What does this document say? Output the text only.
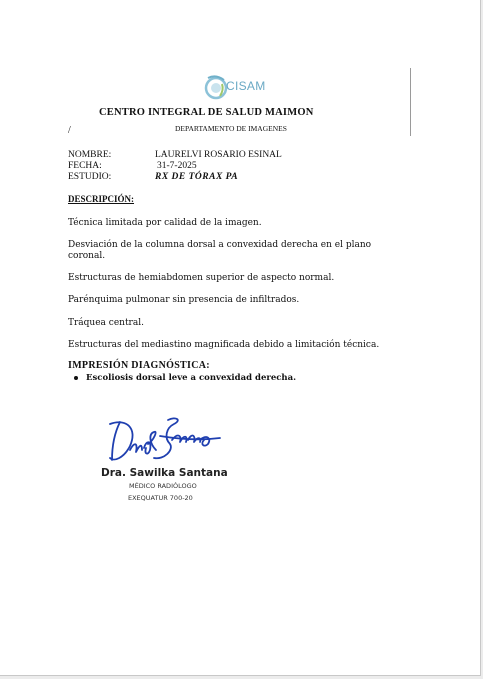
CISAM
CENTRO INTEGRAL DE SALUD MAIMON
/	DEPARTAMENTO DE IMAGENES
NOMBRE:	LAURELVI ROSARIO ESINAL
FECHA:	31-7-2025
ESTUDIO:	RX DE TÓRAX PA
DESCRIPCIÓN:
Técnica limitada por calidad de la imagen.
Desviación de la columna dorsal a convexidad derecha en el plano coronal.
Estructuras de hemiabdomen superior de aspecto normal.
Parénquima pulmonar sin presencia de infiltrados.
Tráquea central.
Estructuras del mediastino magnificada debido a limitación técnica.
IMPRESIÓN DIAGNÓSTICA:
Escoliosis dorsal leve a convexidad derecha.
Dra. Sawilka Santana
MÉDICO RADIÓLOGO
EXEQUATUR 700-20
